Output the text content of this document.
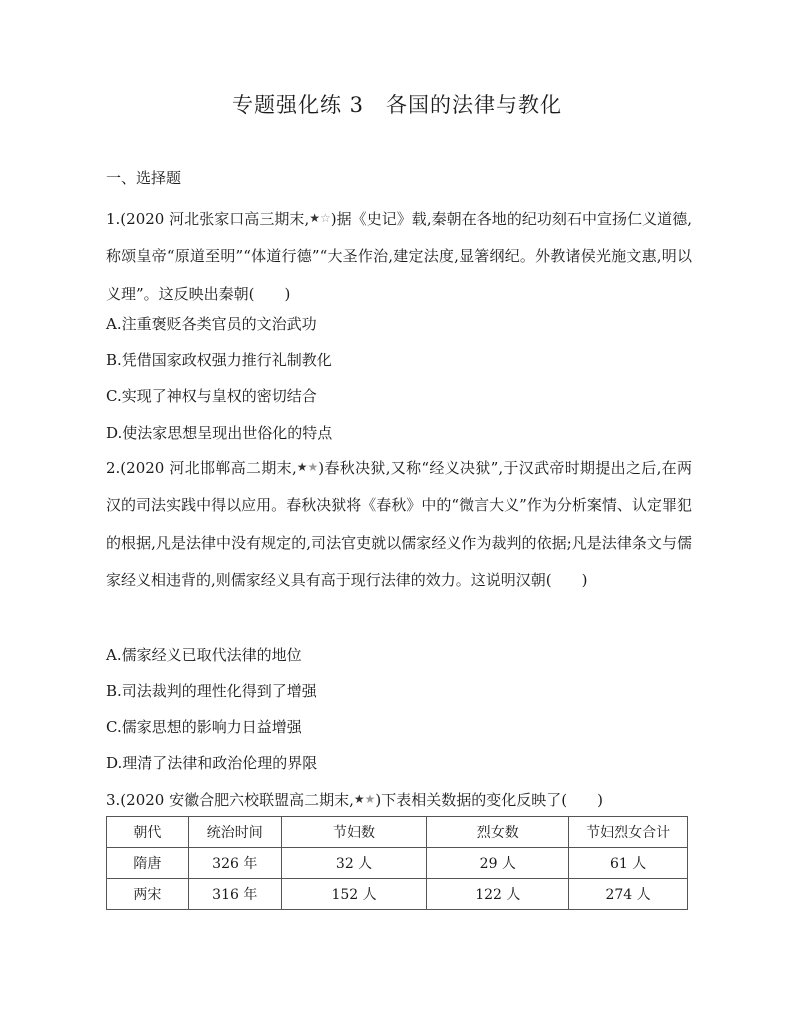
专题强化练 3　各国的法律与教化
一、选择题

1.(2020 河北张家口高三期末,★☆)据《史记》载,秦朝在各地的纪功刻石中宣扬仁义道德,称颂皇帝“原道至明”“体道行德”“大圣作治,建定法度,显箸纲纪。外教诸侯光施文惠,明以义理”。这反映出秦朝(　　)

A.注重褒贬各类官员的文治武功
B.凭借国家政权强力推行礼制教化
C.实现了神权与皇权的密切结合
D.使法家思想呈现出世俗化的特点

2.(2020 河北邯郸高二期末,★★)春秋决狱,又称“经义决狱”,于汉武帝时期提出之后,在两汉的司法实践中得以应用。春秋决狱将《春秋》中的“微言大义”作为分析案情、认定罪犯的根据,凡是法律中没有规定的,司法官吏就以儒家经义作为裁判的依据;凡是法律条文与儒家经义相违背的,则儒家经义具有高于现行法律的效力。这说明汉朝(　　)

A.儒家经义已取代法律的地位
B.司法裁判的理性化得到了增强
C.儒家思想的影响力日益增强
D.理清了法律和政治伦理的界限
3.(2020 安徽合肥六校联盟高二期末,★★)下表相关数据的变化反映了(　　)
朝代	统治时间	节妇数	烈女数	节妇烈女合计
隋唐	326 年	32 人	29 人	61 人
两宋	316 年	152 人	122 人	274 人
